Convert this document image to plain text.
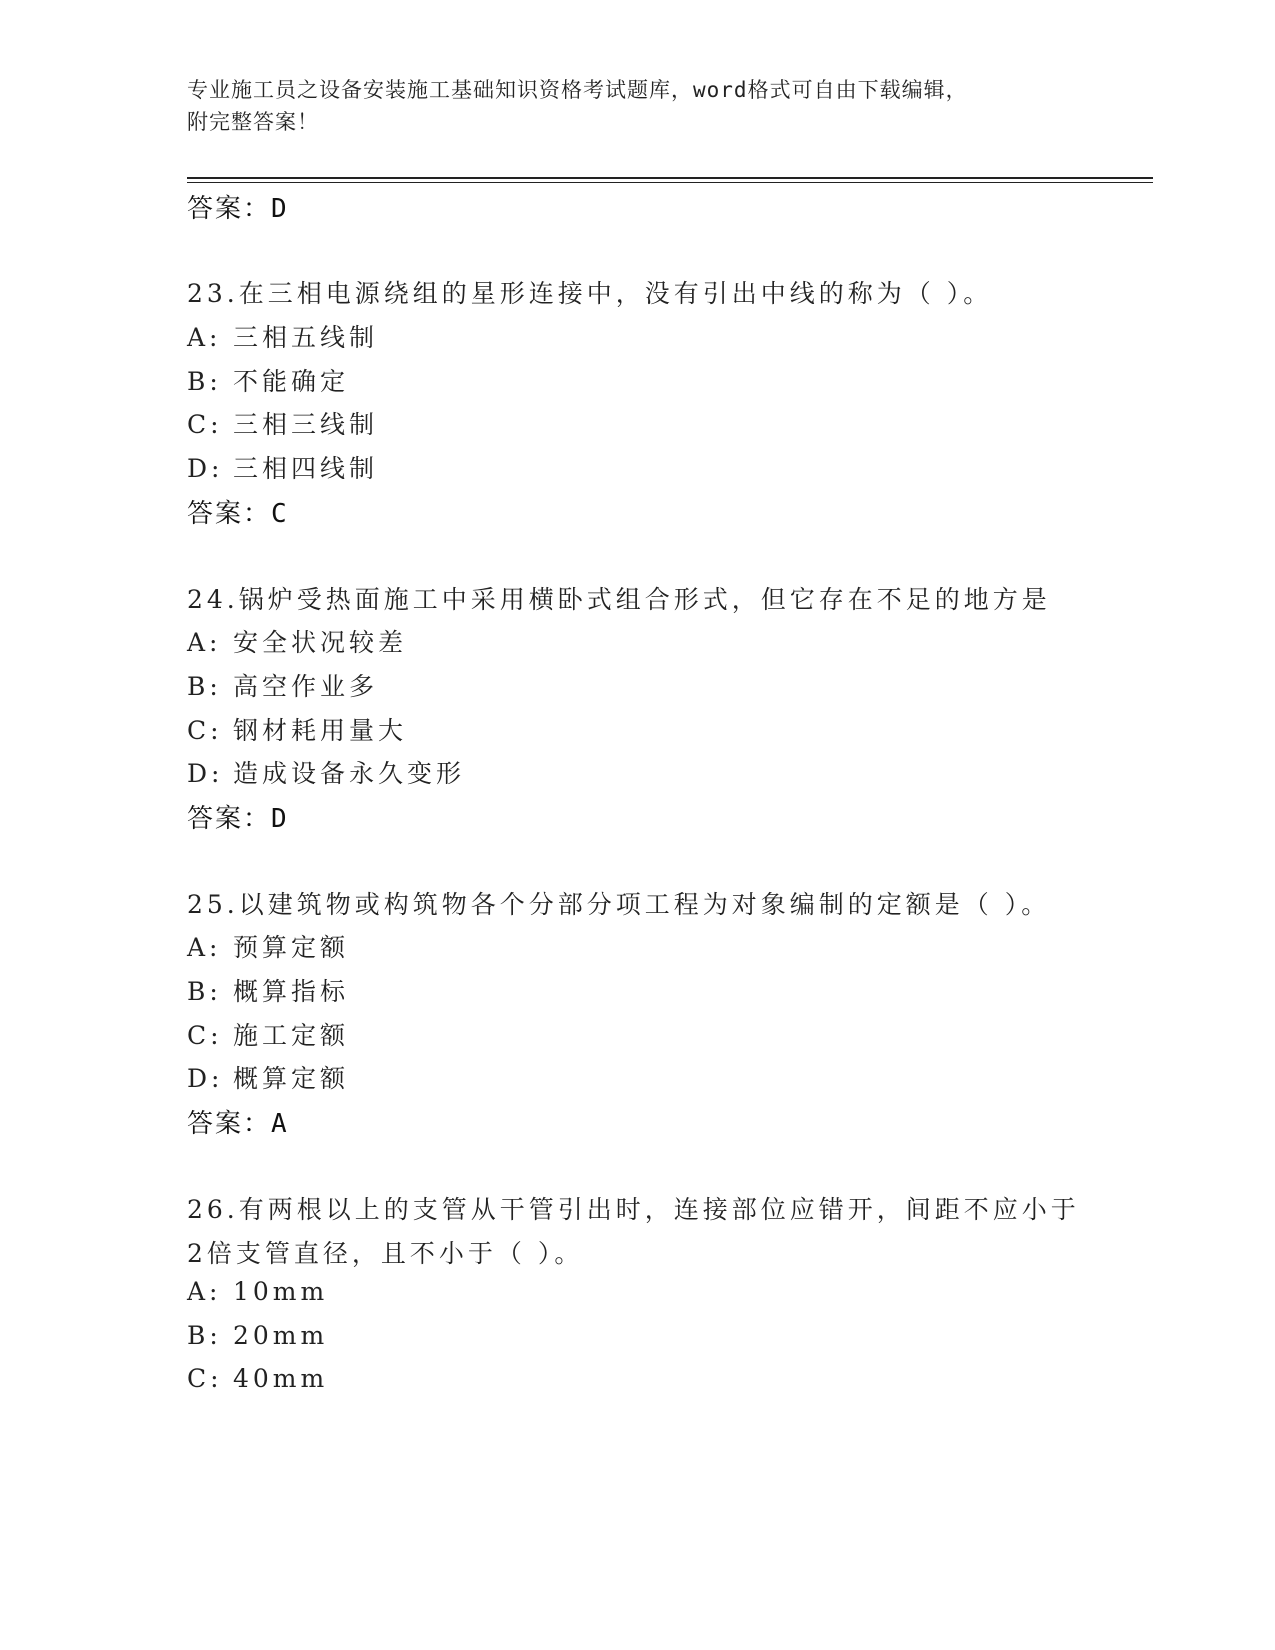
专业施工员之设备安装施工基础知识资格考试题库，word格式可自由下载编辑，
附完整答案！
答案：D
23.在三相电源绕组的星形连接中，没有引出中线的称为（ ）。
A: 三相五线制
B: 不能确定
C: 三相三线制
D: 三相四线制
答案：C
24.锅炉受热面施工中采用横卧式组合形式，但它存在不足的地方是
A: 安全状况较差
B: 高空作业多
C: 钢材耗用量大
D: 造成设备永久变形
答案：D
25.以建筑物或构筑物各个分部分项工程为对象编制的定额是（ ）。
A: 预算定额
B: 概算指标
C: 施工定额
D: 概算定额
答案：A
26.有两根以上的支管从干管引出时，连接部位应错开，间距不应小于
2倍支管直径，且不小于（ ）。
A: 10mm
B: 20mm
C: 40mm
